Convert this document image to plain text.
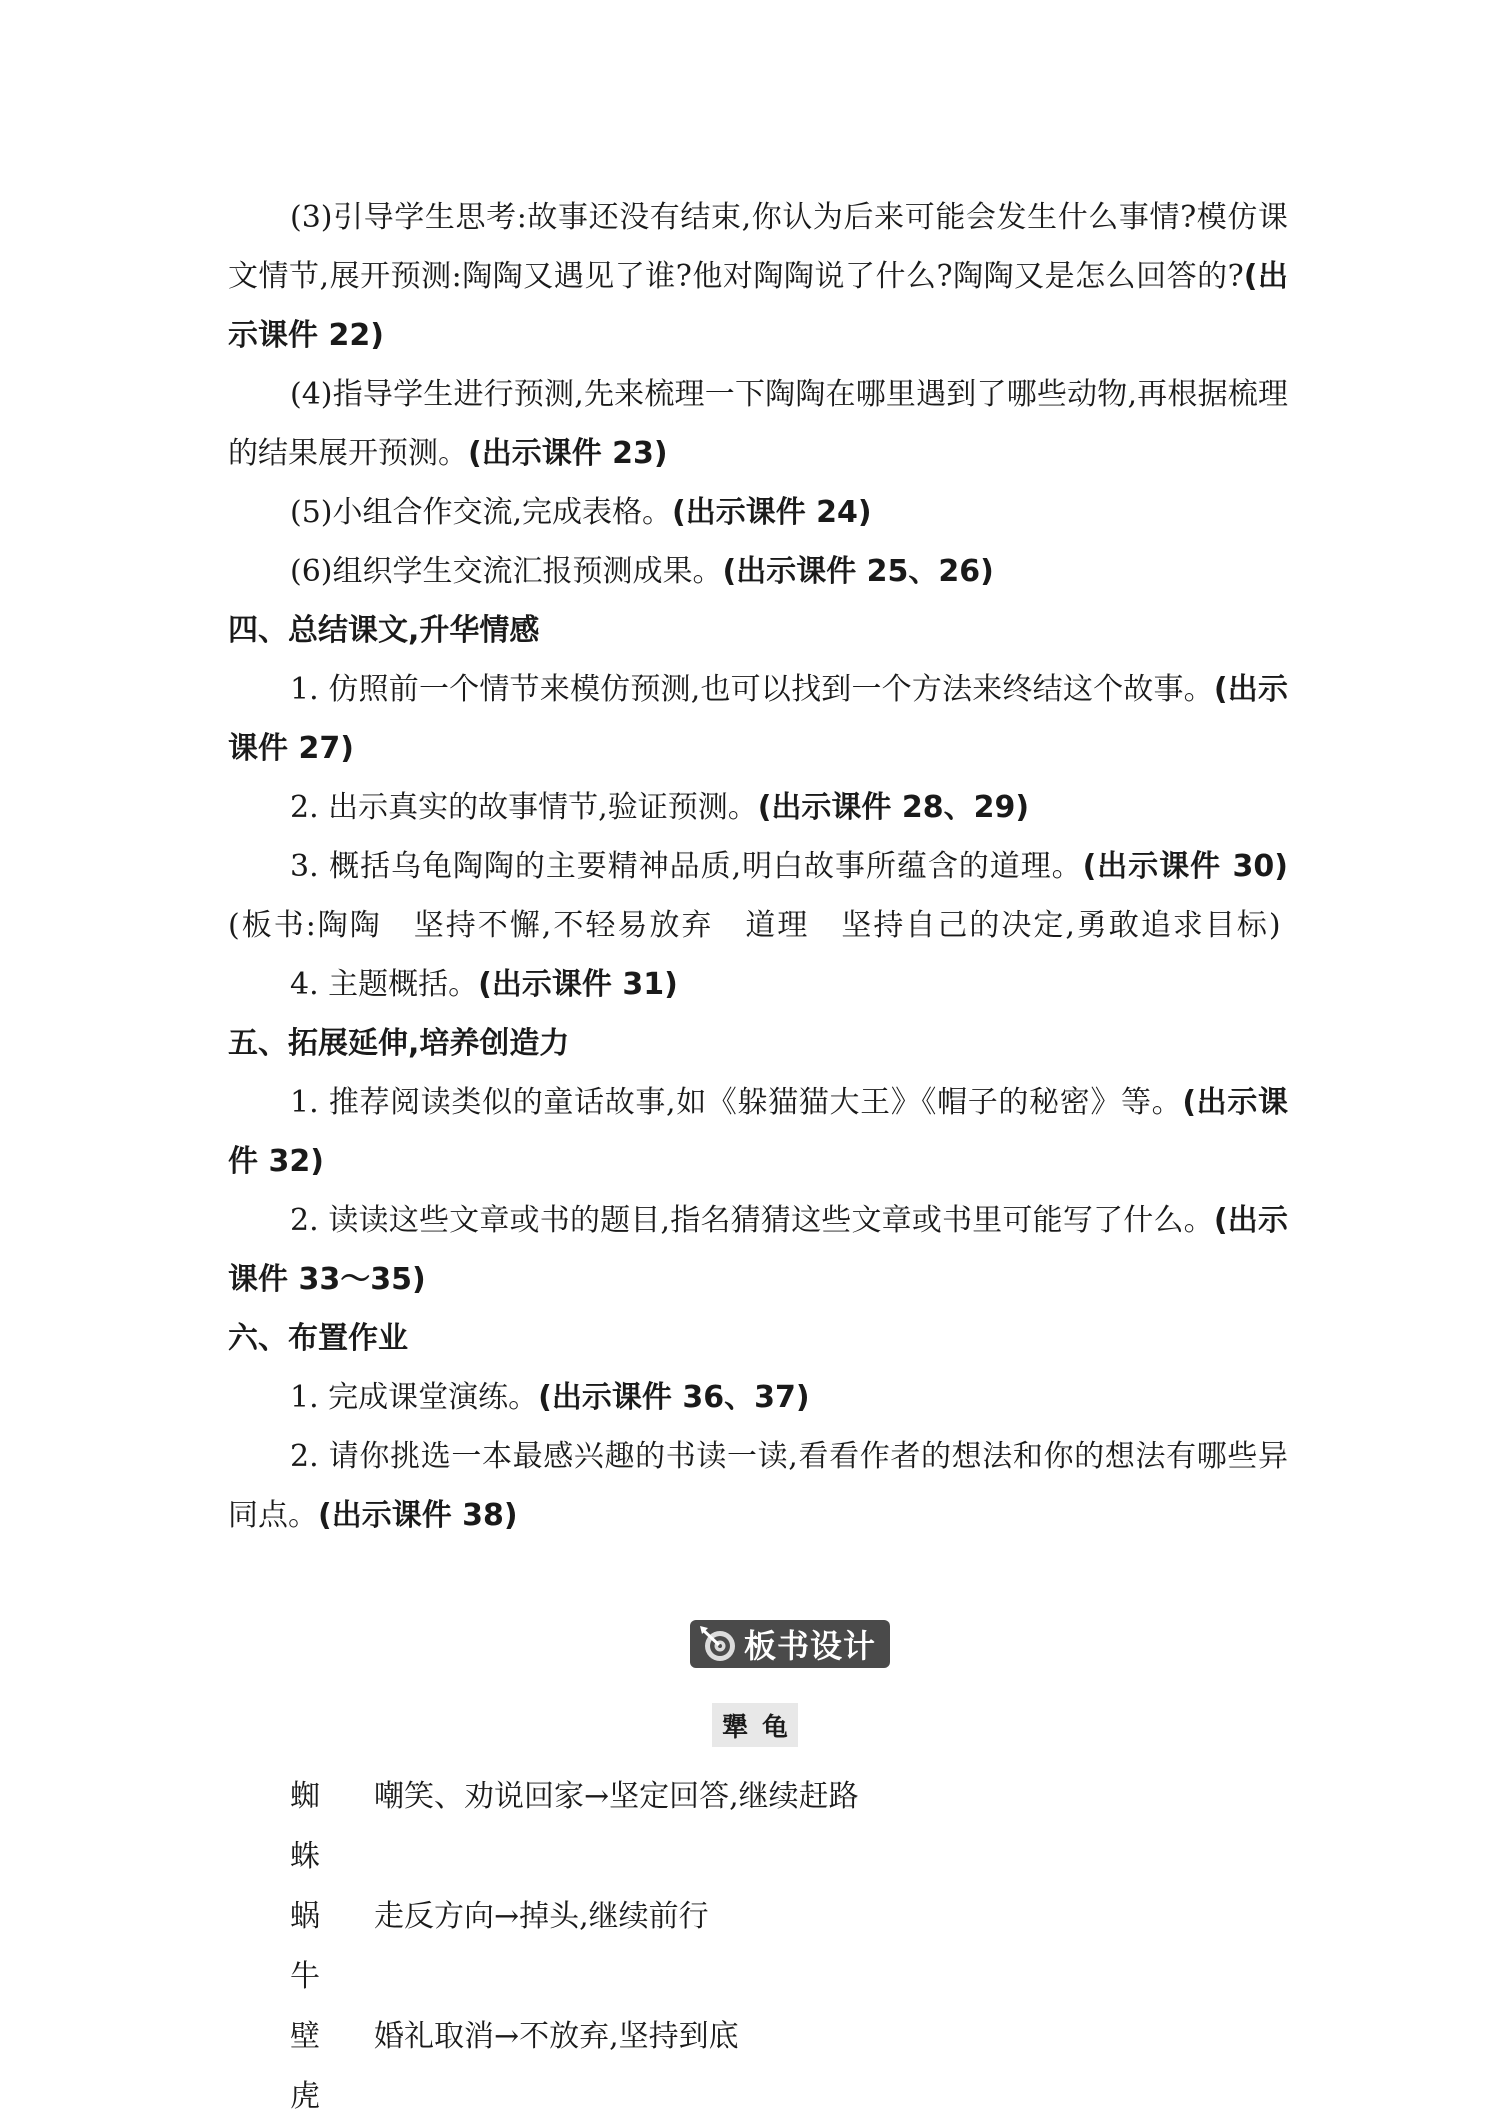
(3)引导学生思考:故事还没有结束,你认为后来可能会发生什么事情?模仿课文情节,展开预测:陶陶又遇见了谁?他对陶陶说了什么?陶陶又是怎么回答的?(出示课件 22)

(4)指导学生进行预测,先来梳理一下陶陶在哪里遇到了哪些动物,再根据梳理的结果展开预测。(出示课件 23)

(5)小组合作交流,完成表格。(出示课件 24)

(6)组织学生交流汇报预测成果。(出示课件 25、26)

四、总结课文,升华情感

1. 仿照前一个情节来模仿预测,也可以找到一个方法来终结这个故事。(出示课件 27)

2. 出示真实的故事情节,验证预测。(出示课件 28、29)

3. 概括乌龟陶陶的主要精神品质,明白故事所蕴含的道理。(出示课件 30)(板书:陶陶　坚持不懈,不轻易放弃　道理　坚持自己的决定,勇敢追求目标)

4. 主题概括。(出示课件 31)

五、拓展延伸,培养创造力

1. 推荐阅读类似的童话故事,如《躲猫猫大王》《帽子的秘密》等。(出示课件 32)

2. 读读这些文章或书的题目,指名猜猜这些文章或书里可能写了什么。(出示课件 33～35)

六、布置作业

1. 完成课堂演练。(出示课件 36、37)

2. 请你挑选一本最感兴趣的书读一读,看看作者的想法和你的想法有哪些异同点。(出示课件 38)

板书设计
犟龟
蜘蛛
嘲笑、劝说回家→坚定回答,继续赶路
蜗牛
走反方向→掉头,继续前行
壁虎
婚礼取消→不放弃,坚持到底
